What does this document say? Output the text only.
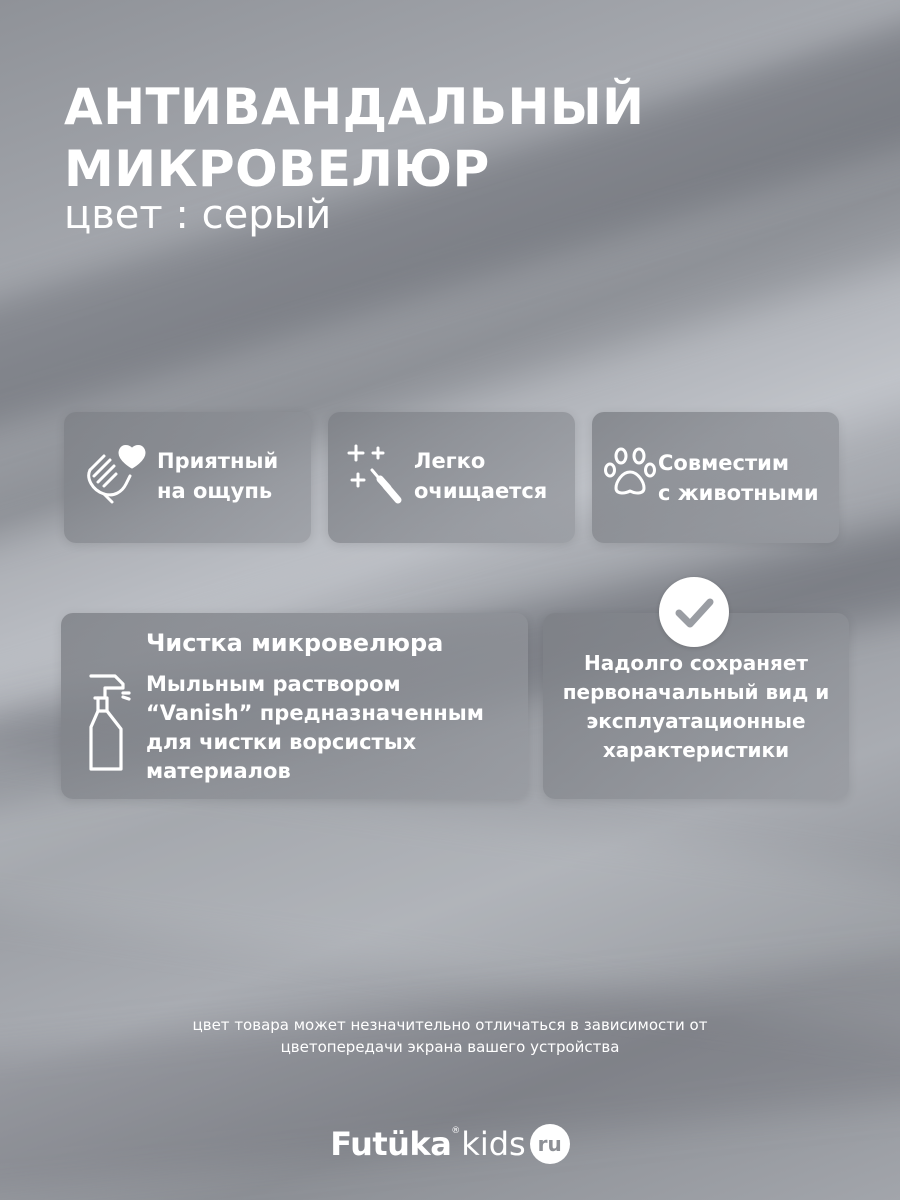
АНТИВАНДАЛЬНЫЙ
МИКРОВЕЛЮР
цвет : серый
Приятный
на ощупь
Легко
очищается
Совместим
с животными
Чистка микровелюра
Мыльным раствором
“Vanish” предназначенным
для чистки ворсистых
материалов
Надолго сохраняет
первоначальный вид и
эксплуатационные
характеристики
цвет товара может незначительно отличаться в зависимости от
цветопередачи экрана вашего устройства
Futüka ® kids ru
